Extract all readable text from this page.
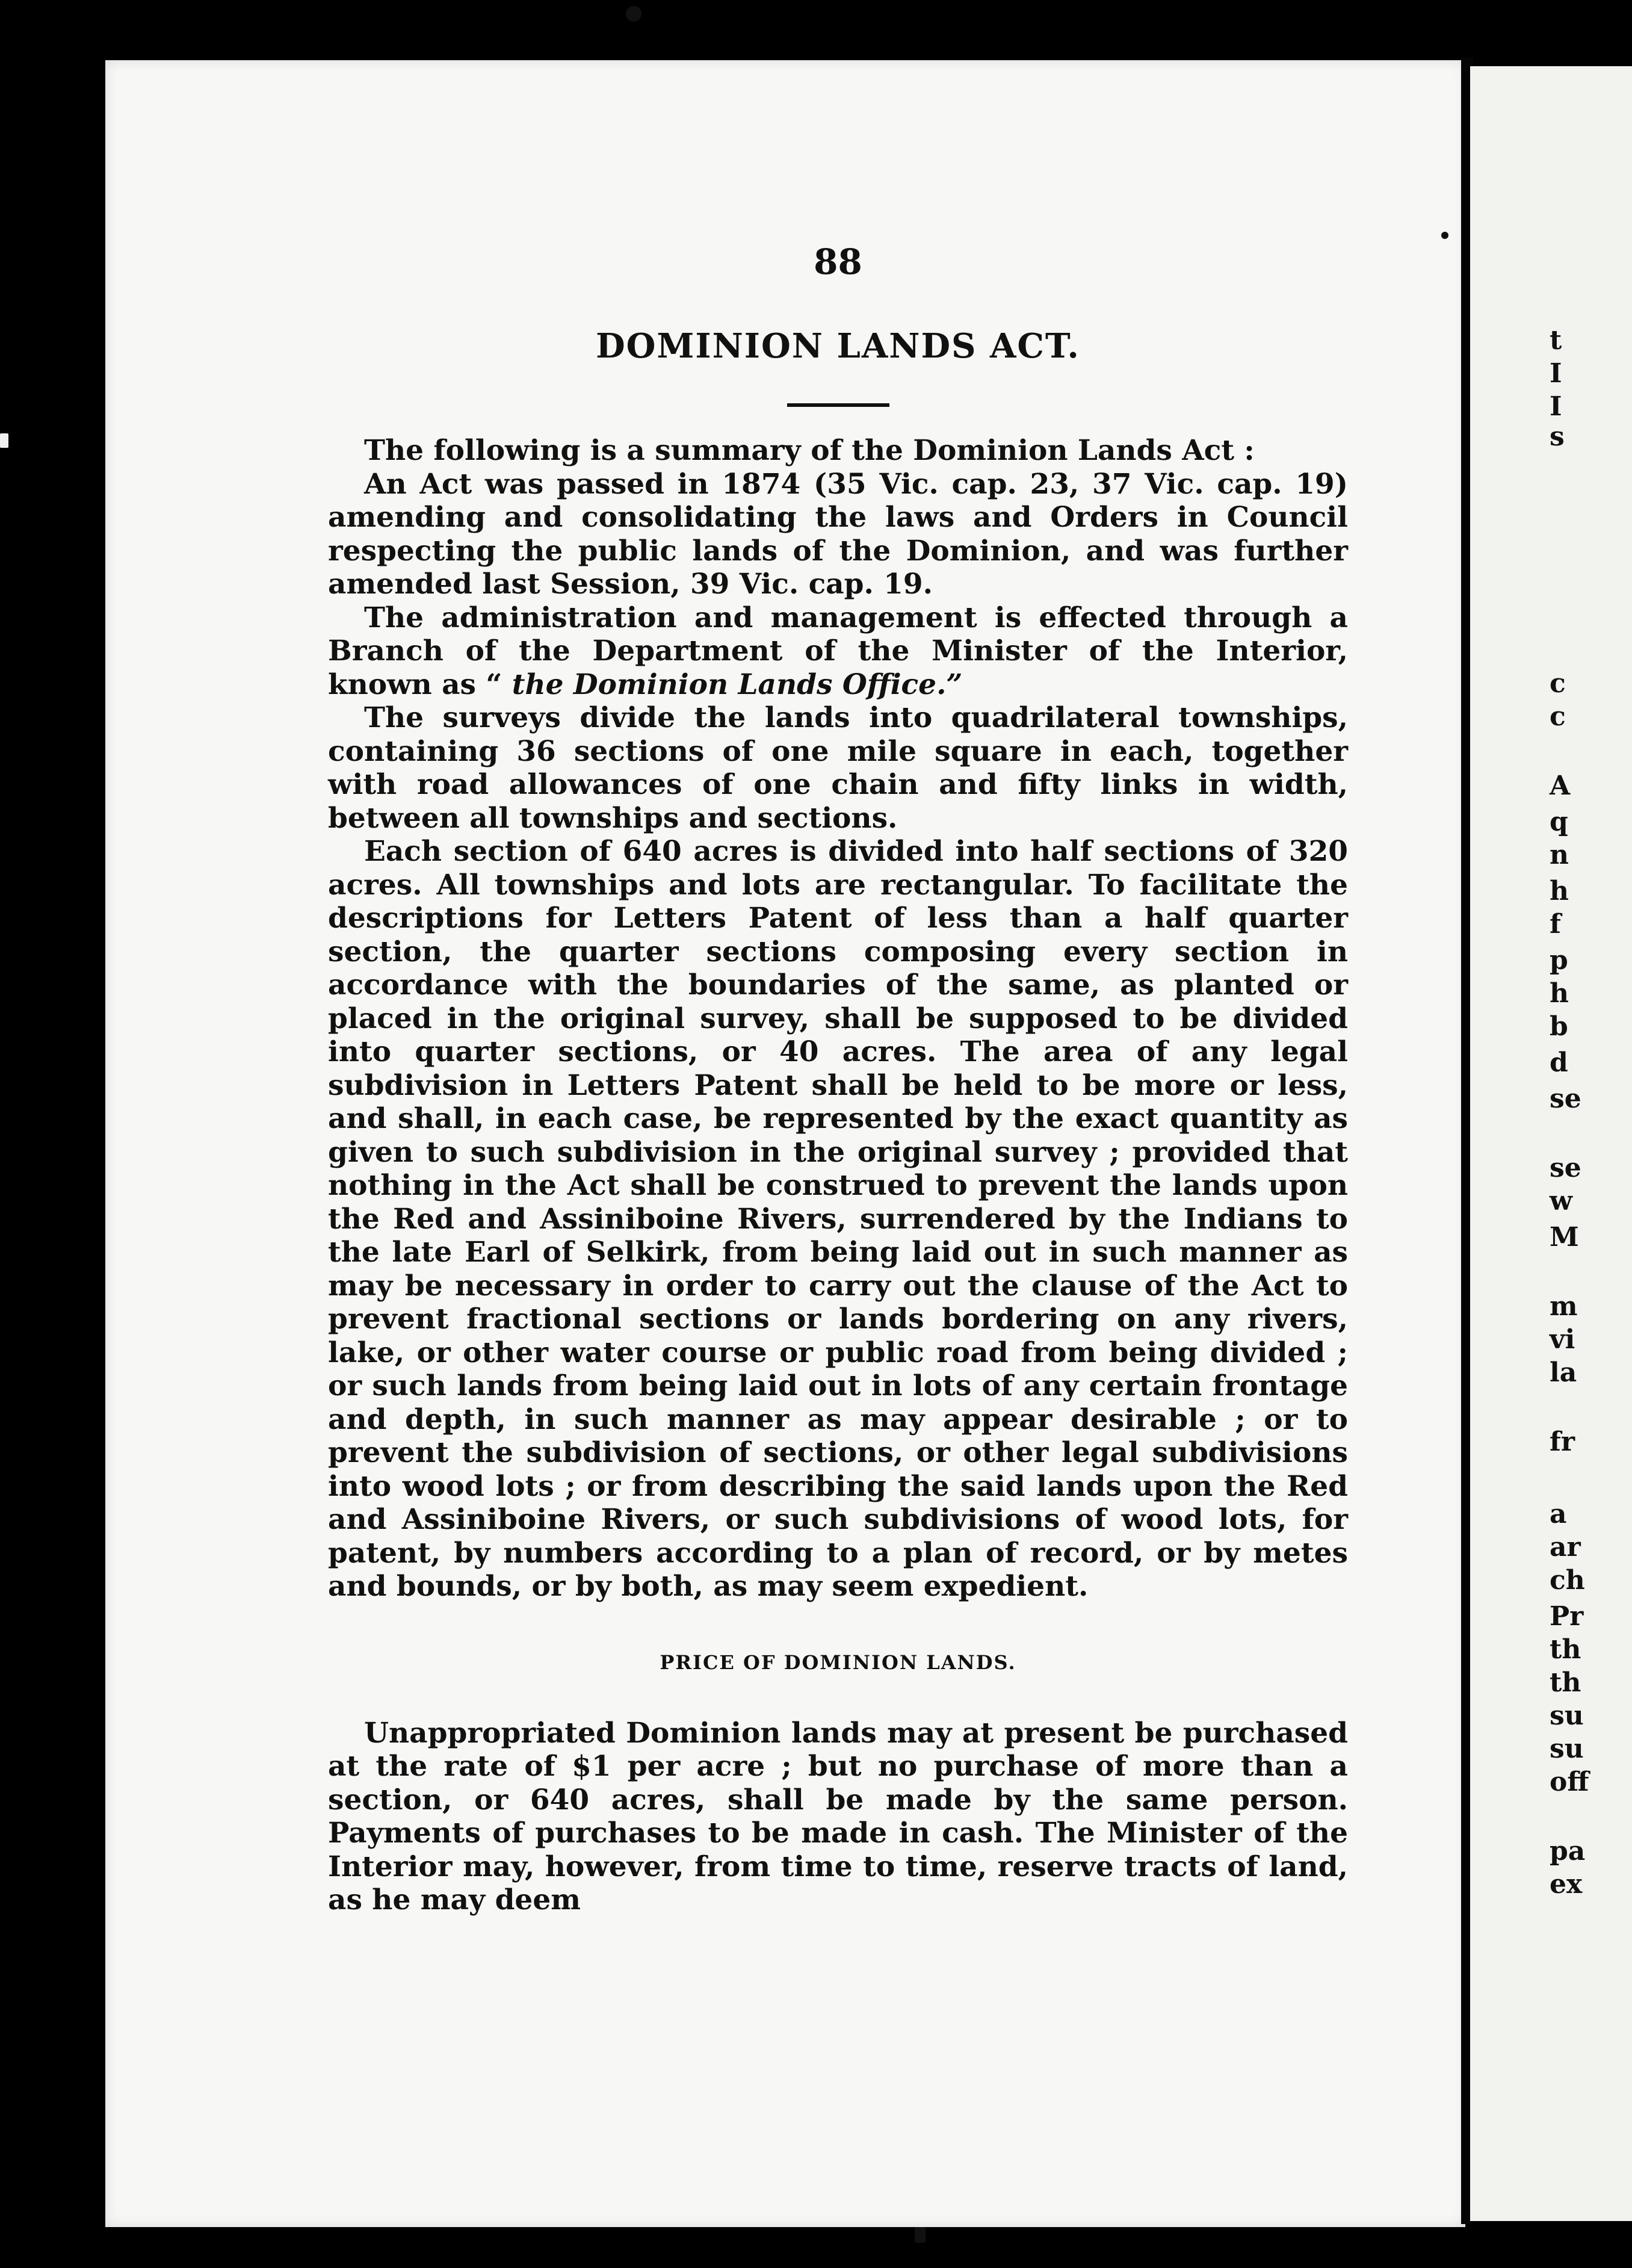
88

DOMINION LANDS ACT.

The following is a summary of the Dominion Lands Act :

An Act was passed in 1874 (35 Vic. cap. 23, 37 Vic. cap. 19) amending and consolidating the laws and Orders in Council respecting the public lands of the Dominion, and was further amended last Session, 39 Vic. cap. 19.

The administration and management is effected through a Branch of the Department of the Minister of the Interior, known as “ the Dominion Lands Office.”

The surveys divide the lands into quadrilateral townships, containing 36 sections of one mile square in each, together with road allowances of one chain and fifty links in width, between all townships and sections.

Each section of 640 acres is divided into half sections of 320 acres. All townships and lots are rectangular. To facilitate the descriptions for Letters Patent of less than a half quarter section, the quarter sections composing every section in accordance with the boundaries of the same, as planted or placed in the original survey, shall be supposed to be divided into quarter sections, or 40 acres. The area of any legal subdivision in Letters Patent shall be held to be more or less, and shall, in each case, be represented by the exact quantity as given to such subdivision in the original survey ; provided that nothing in the Act shall be construed to prevent the lands upon the Red and Assiniboine Rivers, surrendered by the Indians to the late Earl of Selkirk, from being laid out in such manner as may be necessary in order to carry out the clause of the Act to prevent fractional sections or lands bordering on any rivers, lake, or other water course or public road from being divided ; or such lands from being laid out in lots of any certain frontage and depth, in such manner as may appear desirable ; or to prevent the subdivision of sections, or other legal subdivisions into wood lots ; or from describing the said lands upon the Red and Assiniboine Rivers, or such subdivisions of wood lots, for patent, by numbers according to a plan of record, or by metes and bounds, or by both, as may seem expedient.

PRICE OF DOMINION LANDS.

Unappropriated Dominion lands may at present be purchased at the rate of $1 per acre ; but no purchase of more than a section, or 640 acres, shall be made by the same person. Payments of purchases to be made in cash. The Minister of the Interior may, however, from time to time, reserve tracts of land, as he may deem

t
I
I
s
c
c
A
q
n
h
f
p
h
b
d
se
se
w
M
m
vi
la
fr
a
ar
ch
Pr
th
th
su
su
off
pa
ex
